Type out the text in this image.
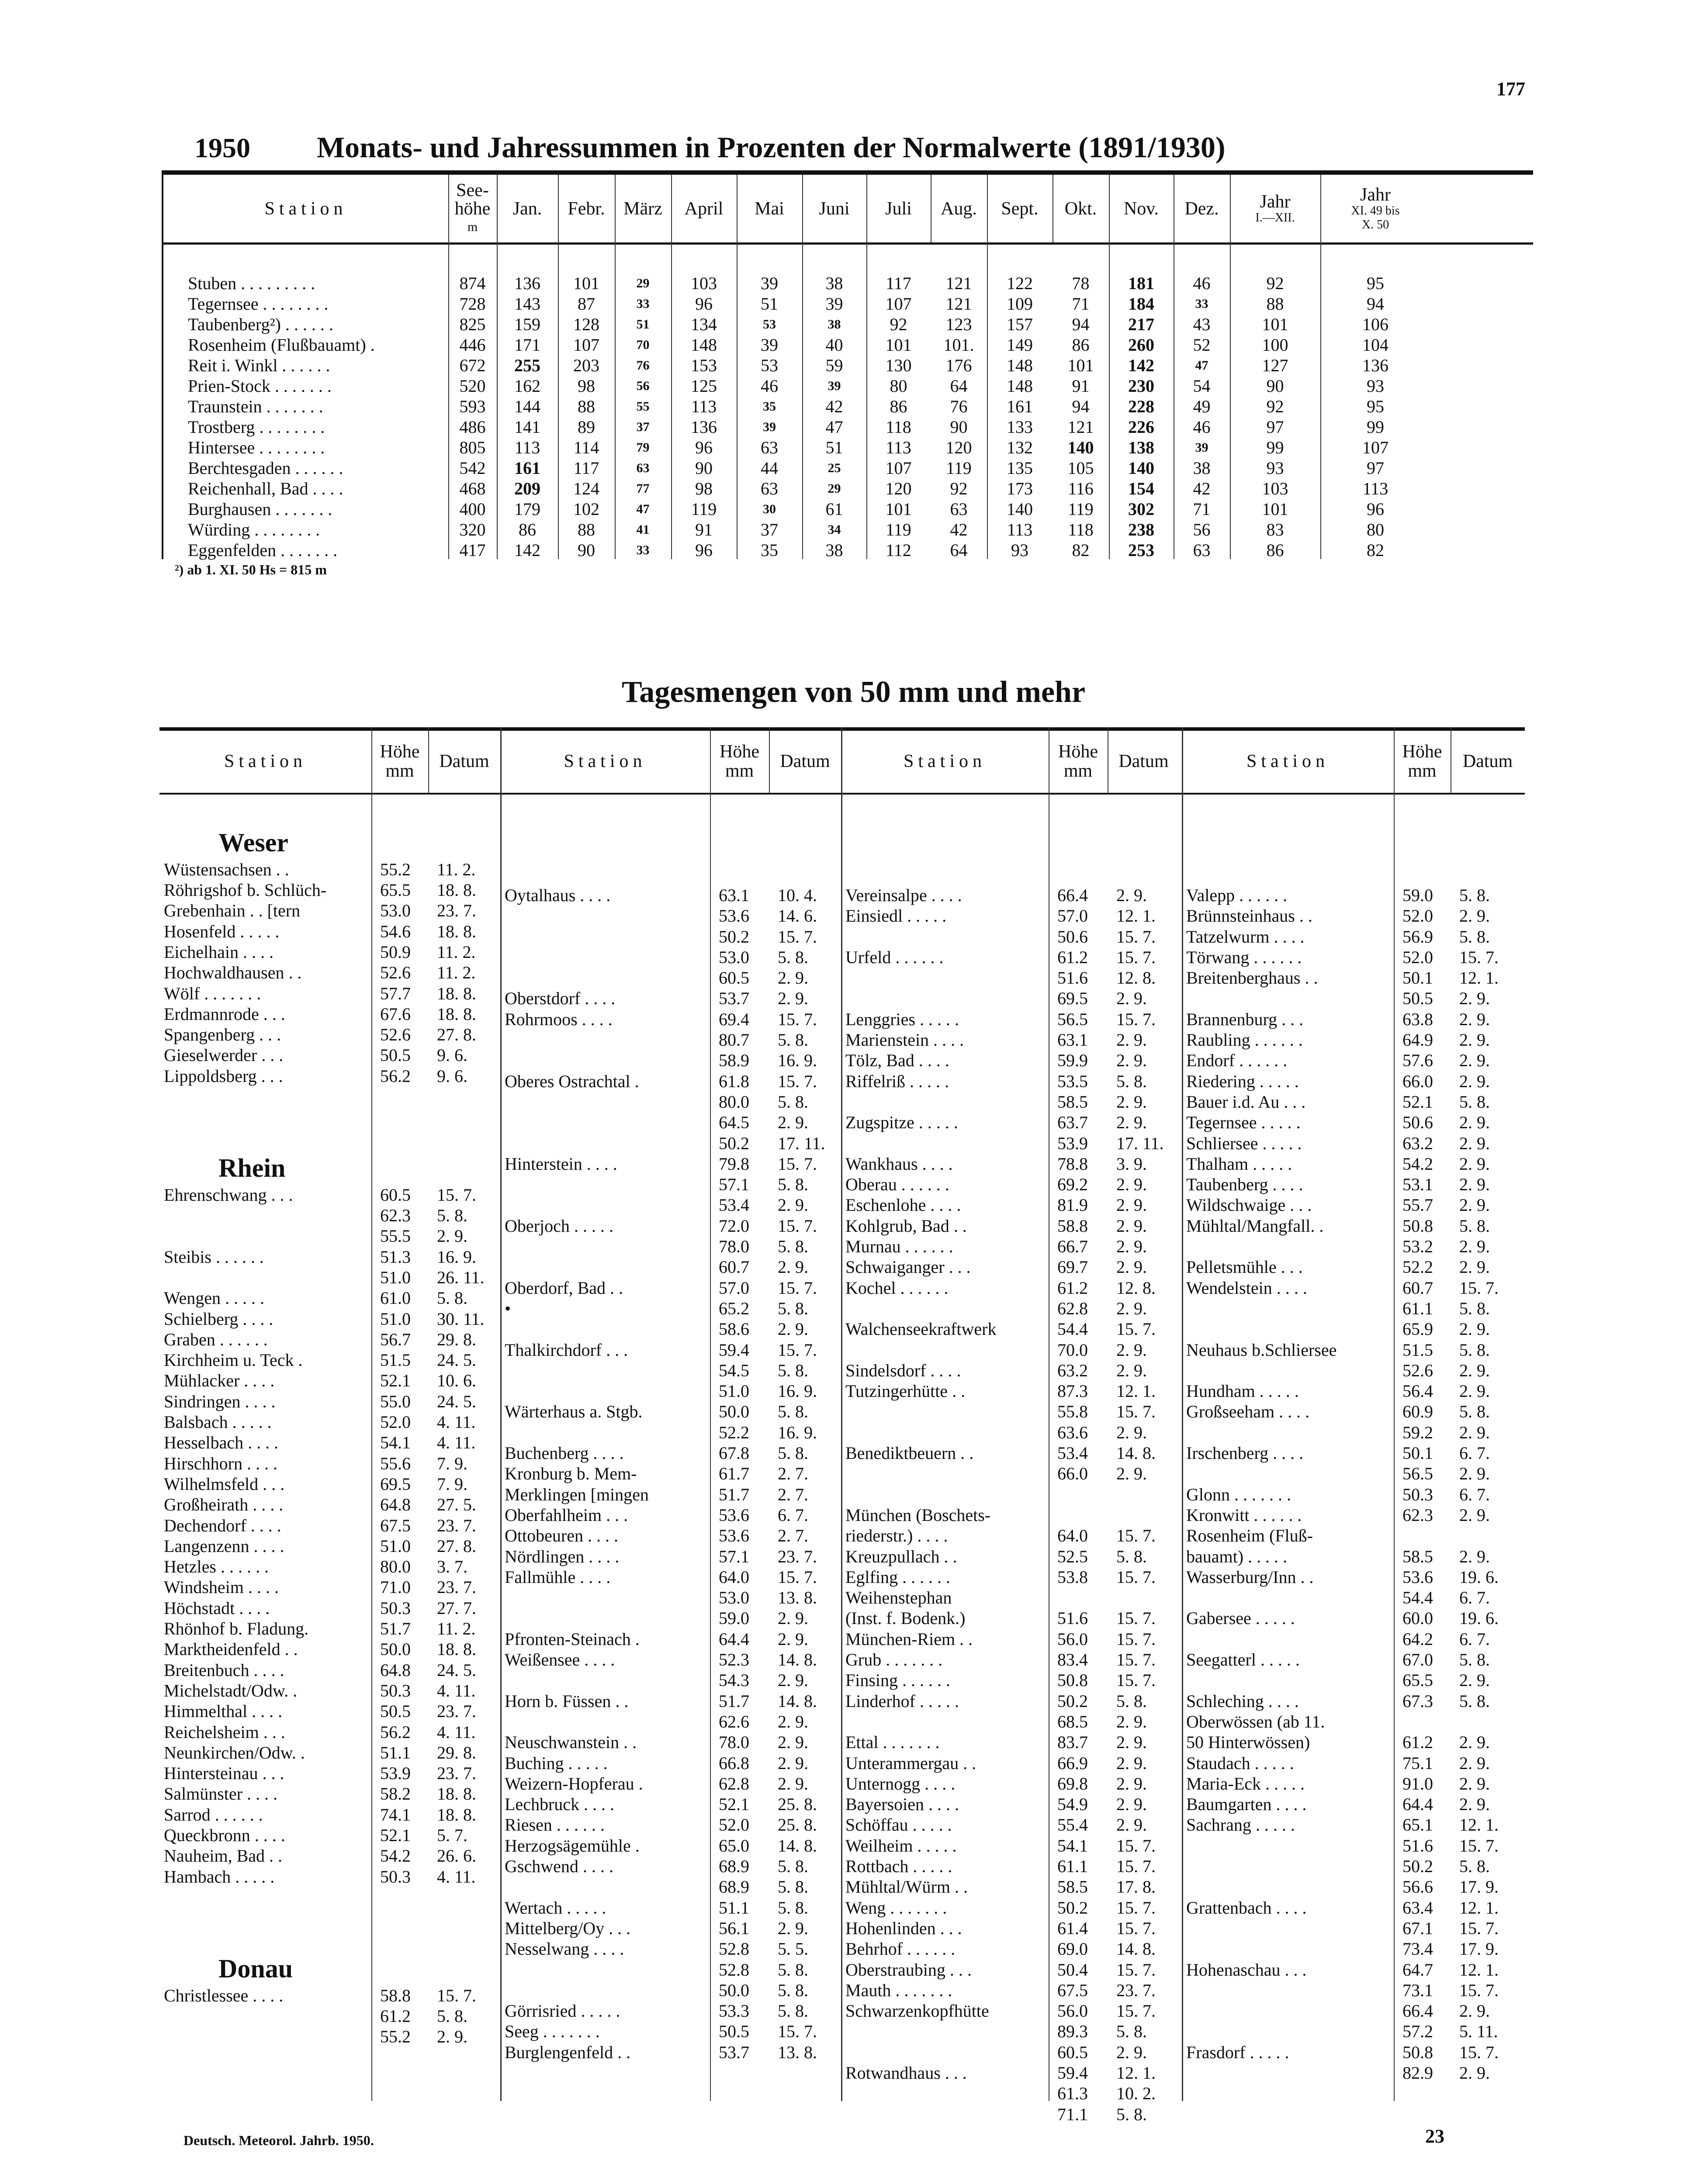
177
1950 Monats- und Jahressummen in Prozenten der Normalwerte (1891/1930)
Station
See-
höhe
m
Jan.	Febr.	März	April	Mai	Juni	Juli	Aug.	Sept.	Okt.	Nov.	Dez.	Jahr
I.—XII.
Jahr
XI. 49 bis
X. 50
Stuben . . . . . . . . .	874	136	101	29	103	39	38	117	121	122	78	181	46	92	95
Tegernsee . . . . . . . .	728	143	87	33	96	51	39	107	121	109	71	184	33	88	94
Taubenberg²) . . . . . .	825	159	128	51	134	53	38	92	123	157	94	217	43	101	106
Rosenheim (Flußbauamt) .	446	171	107	70	148	39	40	101	101.	149	86	260	52	100	104
Reit i. Winkl . . . . . .	672	255	203	76	153	53	59	130	176	148	101	142	47	127	136
Prien-Stock . . . . . . .	520	162	98	56	125	46	39	80	64	148	91	230	54	90	93
Traunstein . . . . . . .	593	144	88	55	113	35	42	86	76	161	94	228	49	92	95
Trostberg . . . . . . . .	486	141	89	37	136	39	47	118	90	133	121	226	46	97	99
Hintersee . . . . . . . .	805	113	114	79	96	63	51	113	120	132	140	138	39	99	107
Berchtesgaden . . . . . .	542	161	117	63	90	44	25	107	119	135	105	140	38	93	97
Reichenhall, Bad . . . .	468	209	124	77	98	63	29	120	92	173	116	154	42	103	113
Burghausen . . . . . . .	400	179	102	47	119	30	61	101	63	140	119	302	71	101	96
Würding . . . . . . . .	320	86	88	41	91	37	34	119	42	113	118	238	56	83	80
Eggenfelden . . . . . . .	417	142	90	33	96	35	38	112	64	93	82	253	63	86	82
²) ab 1. XI. 50 Hs = 815 m
Tagesmengen von 50 mm und mehr
Station	Höhe
mm	Datum
Weser
Wüstensachsen . .	55.2 11. 2.
Röhrigshof b. Schlüch-	65.5 18. 8.
Grebenhain . . [tern	53.0 23. 7.
Hosenfeld . . . . .	54.6 18. 8.
Eichelhain . . . .	50.9 11. 2.
Hochwaldhausen . .	52.6 11. 2.
Wölf . . . . . . .	57.7 18. 8.
Erdmannrode . . .	67.6 18. 8.
Spangenberg . . .	52.6 27. 8.
Gieselwerder . . .	50.5 9. 6.
Lippoldsberg . . .	56.2 9. 6.
Rhein
Ehrenschwang . . .	60.5 15. 7.
62.3 5. 8.
55.5 2. 9.
Steibis . . . . . .	51.3 16. 9.
51.0 26. 11.
Wengen . . . . .	61.0 5. 8.
Schielberg . . . .	51.0 30. 11.
Graben . . . . . .	56.7 29. 8.
Kirchheim u. Teck .	51.5 24. 5.
Mühlacker . . . .	52.1 10. 6.
Sindringen . . . .	55.0 24. 5.
Balsbach . . . . .	52.0 4. 11.
Hesselbach . . . .	54.1 4. 11.
Hirschhorn . . . .	55.6 7. 9.
Wilhelmsfeld . . .	69.5 7. 9.
Großheirath . . . .	64.8 27. 5.
Dechendorf . . . .	67.5 23. 7.
Langenzenn . . . .	51.0 27. 8.
Hetzles . . . . . .	80.0 3. 7.
Windsheim . . . .	71.0 23. 7.
Höchstadt . . . .	50.3 27. 7.
Rhönhof b. Fladung.	51.7 11. 2.
Marktheidenfeld . .	50.0 18. 8.
Breitenbuch . . . .	64.8 24. 5.
Michelstadt/Odw. .	50.3 4. 11.
Himmelthal . . . .	50.5 23. 7.
Reichelsheim . . .	56.2 4. 11.
Neunkirchen/Odw. .	51.1 29. 8.
Hintersteinau . . .	53.9 23. 7.
Salmünster . . . .	58.2 18. 8.
Sarrod . . . . . .	74.1 18. 8.
Queckbronn . . . .	52.1 5. 7.
Nauheim, Bad . .	54.2 26. 6.
Hambach . . . . .	50.3 4. 11.
Donau
Christlessee . . . .	58.8 15. 7.
61.2 5. 8.
55.2 2. 9.
Station	Höhe
mm	Datum
Oytalhaus . . . .	63.1 10. 4.
53.6 14. 6.
50.2 15. 7.
53.0 5. 8.
60.5 2. 9.
Oberstdorf . . . .	53.7 2. 9.
Rohrmoos . . . .	69.4 15. 7.
80.7 5. 8.
58.9 16. 9.
Oberes Ostrachtal .	61.8 15. 7.
80.0 5. 8.
64.5 2. 9.
50.2 17. 11.
Hinterstein . . . .	79.8 15. 7.
57.1 5. 8.
53.4 2. 9.
Oberjoch . . . . .	72.0 15. 7.
78.0 5. 8.
60.7 2. 9.
Oberdorf, Bad . .	57.0 15. 7.
•	65.2 5. 8.
58.6 2. 9.
Thalkirchdorf . . .	59.4 15. 7.
54.5 5. 8.
51.0 16. 9.
Wärterhaus a. Stgb.	50.0 5. 8.
52.2 16. 9.
Buchenberg . . . .	67.8 5. 8.
Kronburg b. Mem-	61.7 2. 7.
Merklingen [mingen	51.7 2. 7.
Oberfahlheim . . .	53.6 6. 7.
Ottobeuren . . . .	53.6 2. 7.
Nördlingen . . . .	57.1 23. 7.
Fallmühle . . . .	64.0 15. 7.
53.0 13. 8.
59.0 2. 9.
Pfronten-Steinach .	64.4 2. 9.
Weißensee . . . .	52.3 14. 8.
54.3 2. 9.
Horn b. Füssen . .	51.7 14. 8.
62.6 2. 9.
Neuschwanstein . .	78.0 2. 9.
Buching . . . . .	66.8 2. 9.
Weizern-Hopferau .	62.8 2. 9.
Lechbruck . . . .	52.1 25. 8.
Riesen . . . . . .	52.0 25. 8.
Herzogsägemühle .	65.0 14. 8.
Gschwend . . . .	68.9 5. 8.
68.9 5. 8.
Wertach . . . . .	51.1 5. 8.
Mittelberg/Oy . . .	56.1 2. 9.
Nesselwang . . . .	52.8 5. 5.
52.8 5. 8.
50.0 5. 8.
Görrisried . . . . .	53.3 5. 8.
Seeg . . . . . . .	50.5 15. 7.
Burglengenfeld . .	53.7 13. 8.
Station	Höhe
mm	Datum
Vereinsalpe . . . .	66.4 2. 9.
Einsiedl . . . . .	57.0 12. 1.
50.6 15. 7.
Urfeld . . . . . .	61.2 15. 7.
51.6 12. 8.
69.5 2. 9.
Lenggries . . . . .	56.5 15. 7.
Marienstein . . . .	63.1 2. 9.
Tölz, Bad . . . .	59.9 2. 9.
Riffelriß . . . . .	53.5 5. 8.
58.5 2. 9.
Zugspitze . . . . .	63.7 2. 9.
53.9 17. 11.
Wankhaus . . . .	78.8 3. 9.
Oberau . . . . . .	69.2 2. 9.
Eschenlohe . . . .	81.9 2. 9.
Kohlgrub, Bad . .	58.8 2. 9.
Murnau . . . . . .	66.7 2. 9.
Schwaiganger . . .	69.7 2. 9.
Kochel . . . . . .	61.2 12. 8.
62.8 2. 9.
Walchenseekraftwerk	54.4 15. 7.
70.0 2. 9.
Sindelsdorf . . . .	63.2 2. 9.
Tutzingerhütte . .	87.3 12. 1.
55.8 15. 7.
63.6 2. 9.
Benediktbeuern . .	53.4 14. 8.
66.0 2. 9.
München (Boschets-
riederstr.) . . . .	64.0 15. 7.
Kreuzpullach . .	52.5 5. 8.
Eglfing . . . . . .	53.8 15. 7.
Weihenstephan
(Inst. f. Bodenk.)	51.6 15. 7.
München-Riem . .	56.0 15. 7.
Grub . . . . . . .	83.4 15. 7.
Finsing . . . . . .	50.8 15. 7.
Linderhof . . . . .	50.2 5. 8.
68.5 2. 9.
Ettal . . . . . . .	83.7 2. 9.
Unterammergau . .	66.9 2. 9.
Unternogg . . . .	69.8 2. 9.
Bayersoien . . . .	54.9 2. 9.
Schöffau . . . . .	55.4 2. 9.
Weilheim . . . . .	54.1 15. 7.
Rottbach . . . . .	61.1 15. 7.
Mühltal/Würm . .	58.5 17. 8.
Weng . . . . . . .	50.2 15. 7.
Hohenlinden . . .	61.4 15. 7.
Behrhof . . . . . .	69.0 14. 8.
Oberstraubing . . .	50.4 15. 7.
Mauth . . . . . . .	67.5 23. 7.
Schwarzenkopfhütte	56.0 15. 7.
89.3 5. 8.
60.5 2. 9.
Rotwandhaus . . .	59.4 12. 1.
61.3 10. 2.
71.1 5. 8.
Station	Höhe
mm	Datum
Valepp . . . . . .	59.0 5. 8.
Brünnsteinhaus . .	52.0 2. 9.
Tatzelwurm . . . .	56.9 5. 8.
Törwang . . . . . .	52.0 15. 7.
Breitenberghaus . .	50.1 12. 1.
50.5 2. 9.
Brannenburg . . .	63.8 2. 9.
Raubling . . . . . .	64.9 2. 9.
Endorf . . . . . .	57.6 2. 9.
Riedering . . . . .	66.0 2. 9.
Bauer i.d. Au . . .	52.1 5. 8.
Tegernsee . . . . .	50.6 2. 9.
Schliersee . . . . .	63.2 2. 9.
Thalham . . . . .	54.2 2. 9.
Taubenberg . . . .	53.1 2. 9.
Wildschwaige . . .	55.7 2. 9.
Mühltal/Mangfall. .	50.8 5. 8.
53.2 2. 9.
Pelletsmühle . . .	52.2 2. 9.
Wendelstein . . . .	60.7 15. 7.
61.1 5. 8.
65.9 2. 9.
Neuhaus b.Schliersee	51.5 5. 8.
52.6 2. 9.
Hundham . . . . .	56.4 2. 9.
Großseeham . . . .	60.9 5. 8.
59.2 2. 9.
Irschenberg . . . .	50.1 6. 7.
56.5 2. 9.
Glonn . . . . . . .	50.3 6. 7.
Kronwitt . . . . . .	62.3 2. 9.
Rosenheim (Fluß-
bauamt) . . . . .	58.5 2. 9.
Wasserburg/Inn . .	53.6 19. 6.
54.4 6. 7.
Gabersee . . . . .	60.0 19. 6.
64.2 6. 7.
Seegatterl . . . . .	67.0 5. 8.
65.5 2. 9.
Schleching . . . .	67.3 5. 8.
Oberwössen (ab 11.
50 Hinterwössen)	61.2 2. 9.
Staudach . . . . .	75.1 2. 9.
Maria-Eck . . . . .	91.0 2. 9.
Baumgarten . . . .	64.4 2. 9.
Sachrang . . . . .	65.1 12. 1.
51.6 15. 7.
50.2 5. 8.
56.6 17. 9.
Grattenbach . . . .	63.4 12. 1.
67.1 15. 7.
73.4 17. 9.
Hohenaschau . . .	64.7 12. 1.
73.1 15. 7.
66.4 2. 9.
57.2 5. 11.
Frasdorf . . . . .	50.8 15. 7.
82.9 2. 9.
Deutsch. Meteorol. Jahrb. 1950.	23
